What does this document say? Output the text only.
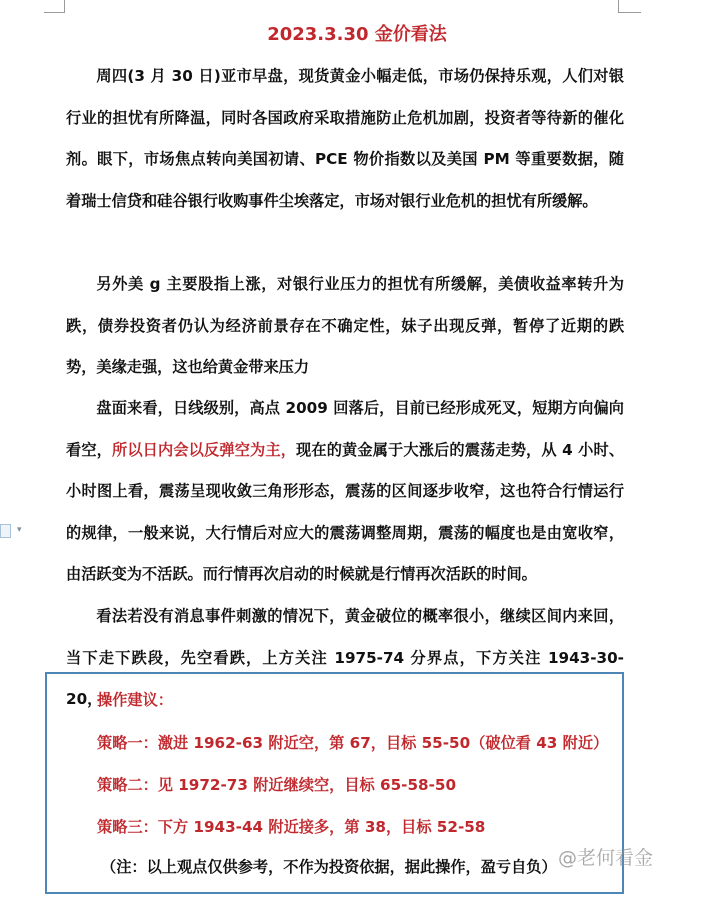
▾
2023.3.30 金价看法

周四(3 月 30 日)亚市早盘，现货黄金小幅走低，市场仍保持乐观，人们对银行业的担忧有所降温，同时各国政府采取措施防止危机加剧，投资者等待新的催化剂。眼下，市场焦点转向美国初请、PCE 物价指数以及美国 PM 等重要数据，随着瑞士信贷和硅谷银行收购事件尘埃落定，市场对银行业危机的担忧有所缓解。

另外美 g 主要股指上涨，对银行业压力的担忧有所缓解，美债收益率转升为跌，债券投资者仍认为经济前景存在不确定性，妹子出现反弹，暂停了近期的跌势，美缘走强，这也给黄金带来压力

盘面来看，日线级别，高点 2009 回落后，目前已经形成死叉，短期方向偏向看空，所以日内会以反弹空为主，现在的黄金属于大涨后的震荡走势，从 4 小时、小时图上看，震荡呈现收敛三角形形态，震荡的区间逐步收窄，这也符合行情运行的规律，一般来说，大行情后对应大的震荡调整周期，震荡的幅度也是由宽收窄，由活跃变为不活跃。而行情再次启动的时候就是行情再次活跃的时间。

看法若没有消息事件刺激的情况下，黄金破位的概率很小，继续区间内来回，当下走下跌段，先空看跌，上方关注 1975-74 分界点，下方关注 1943-30-20，

操作建议：
策略一：激进 1962-63 附近空，第 67，目标 55-50（破位看 43 附近）
策略二：见 1972-73 附近继续空，目标 65-58-50
策略三：下方 1943-44 附近接多，第 38，目标 52-58
（注：以上观点仅供参考，不作为投资依据，据此操作，盈亏自负） @老何看金
